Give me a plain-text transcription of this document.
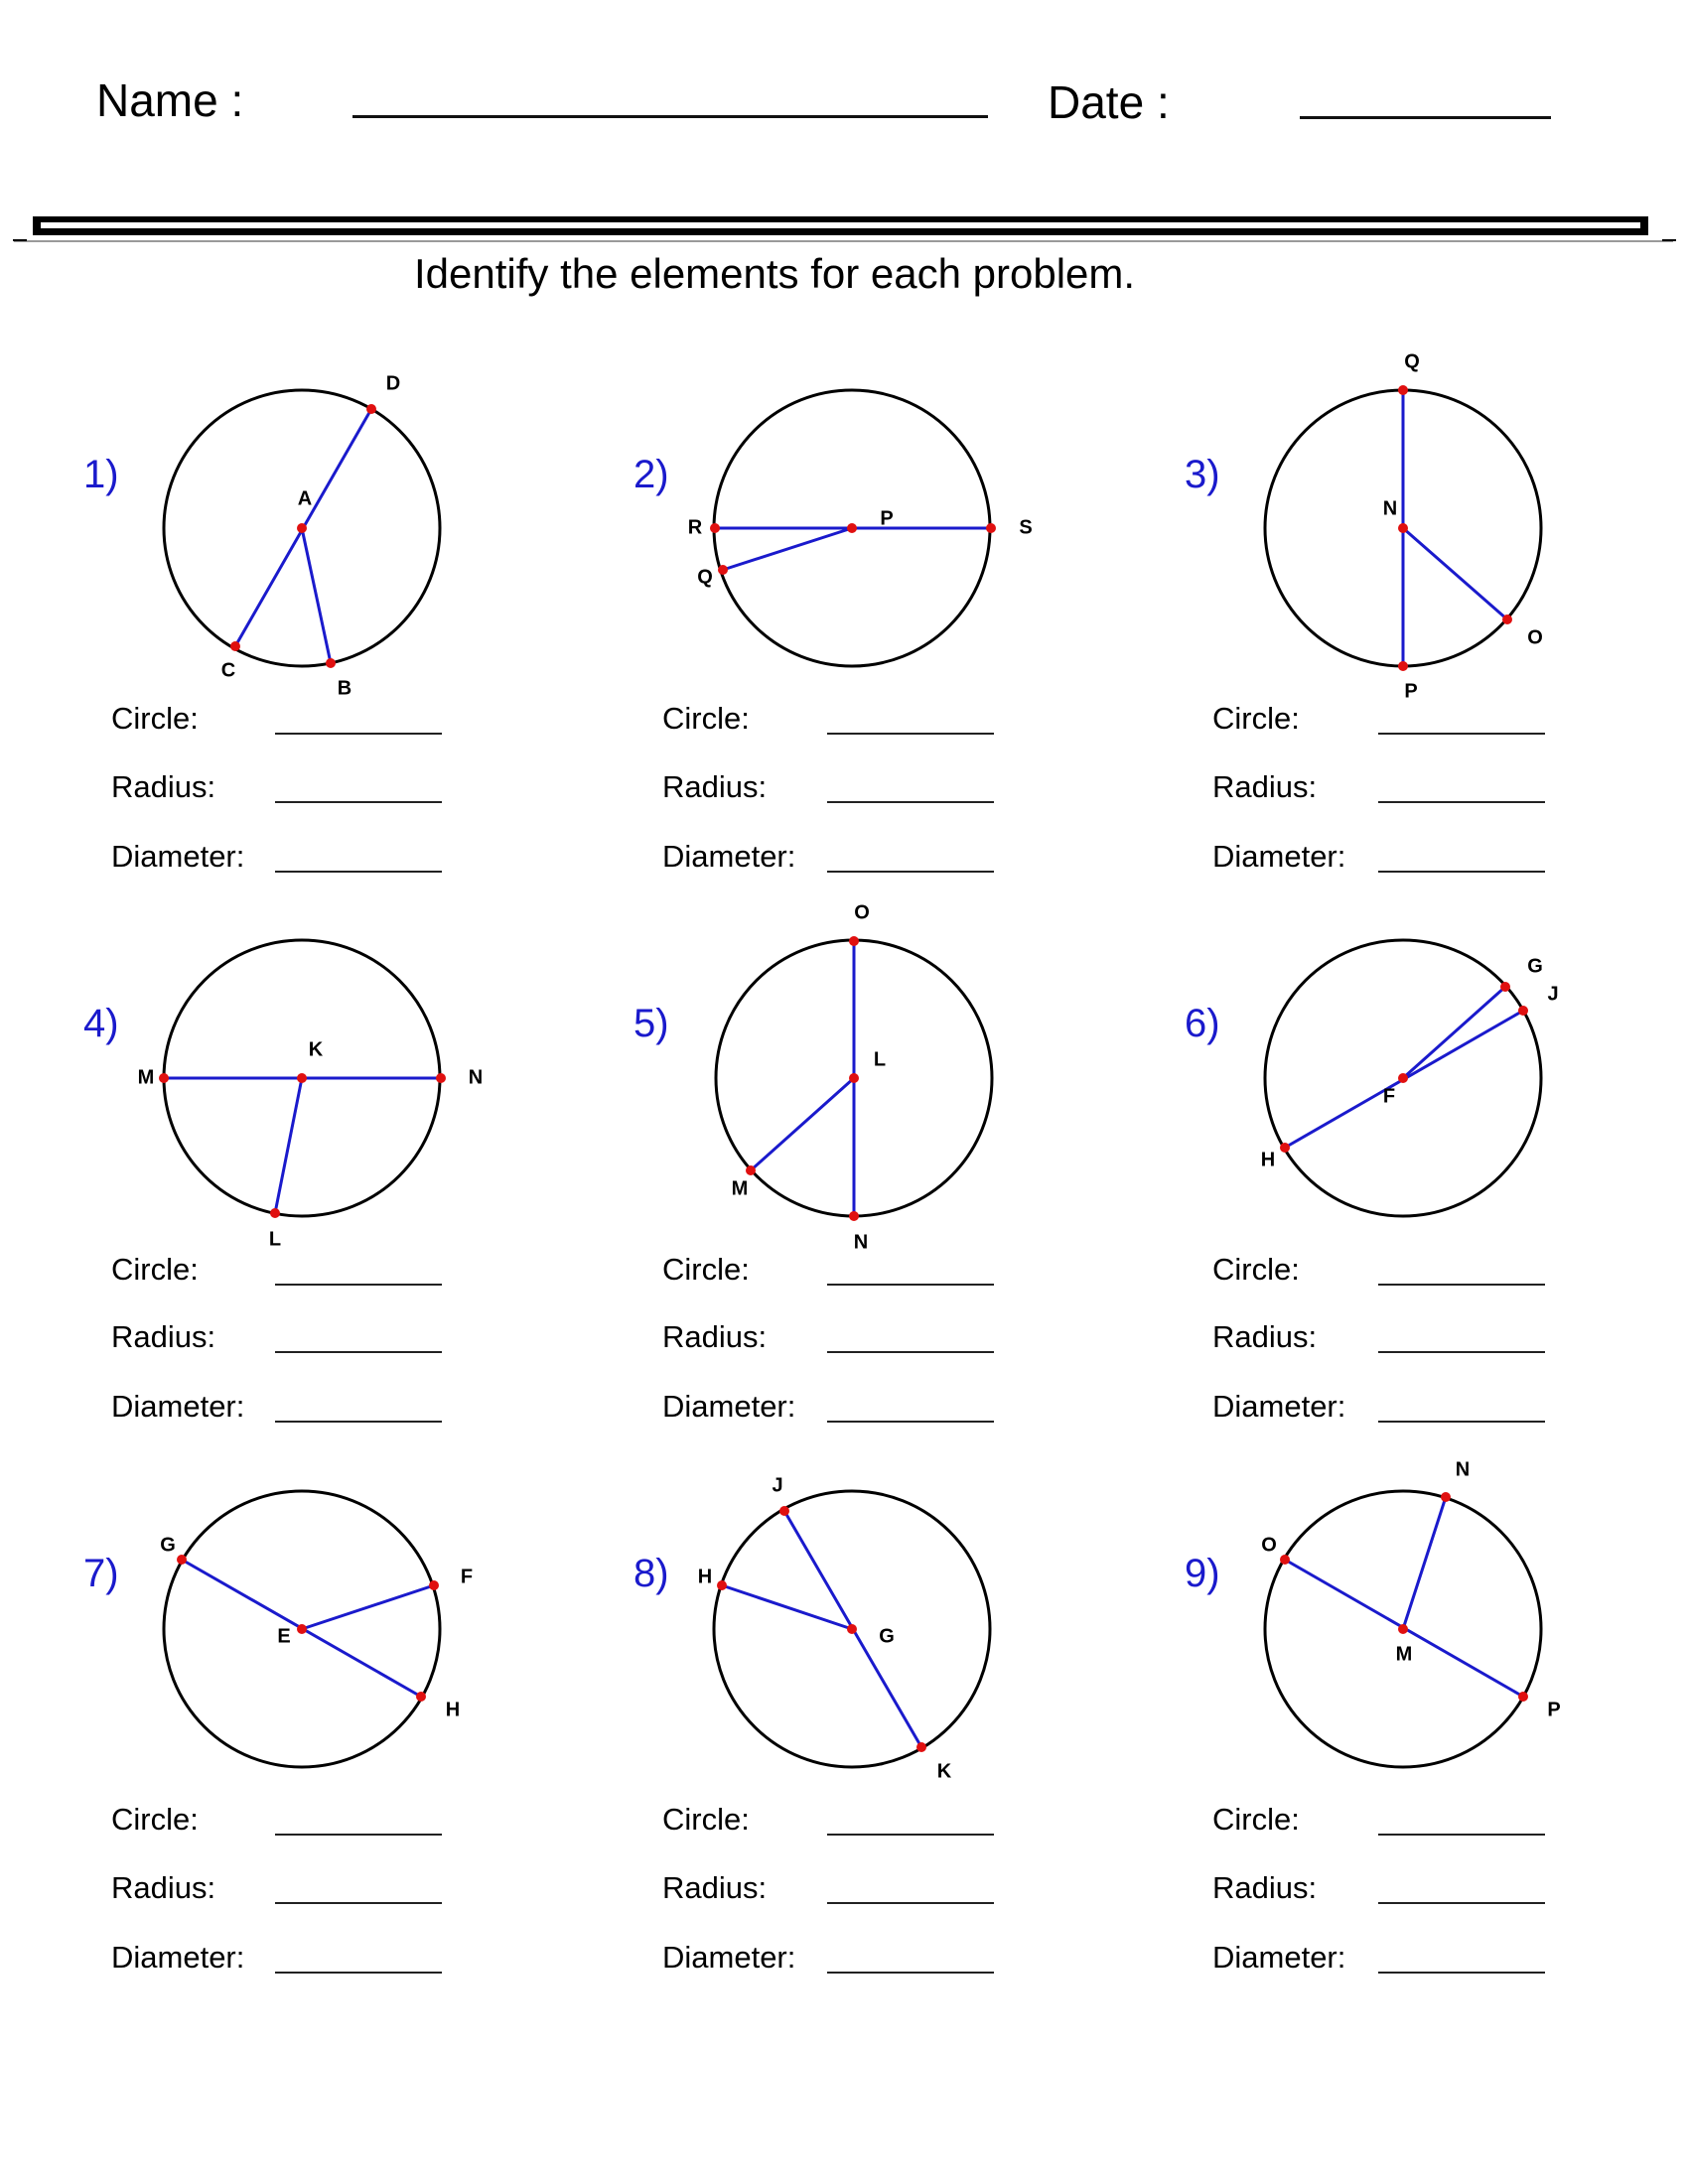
Name :	Date :
Identify the elements for each problem.
A
D
C
B
P
R	S
Q
N
Q
P
O
K
M	N
L
L
O
N
M
F
G
J
H
E
G
F
H
G
J
H
K
M
N
O
P
1)
Circle:
Radius:
Diameter:
2)
Circle:
Radius:
Diameter:
3)
Circle:
Radius:
Diameter:
4)
Circle:
Radius:
Diameter:
5)
Circle:
Radius:
Diameter:
6)
Circle:
Radius:
Diameter:
7)
Circle:
Radius:
Diameter:
8)
Circle:
Radius:
Diameter:
9)
Circle:
Radius:
Diameter:
